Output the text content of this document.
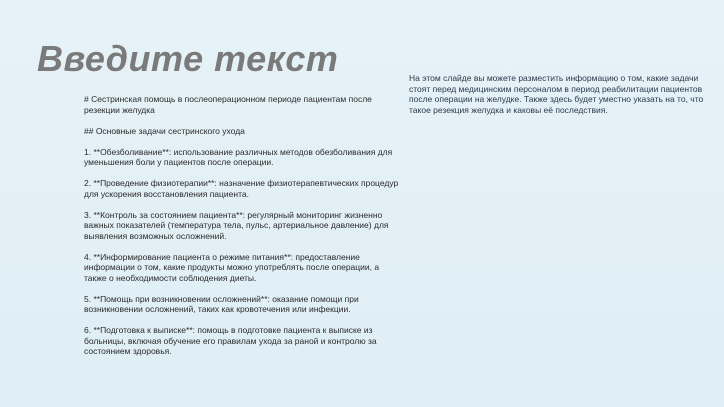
Введите текст	На этом слайде вы можете разместить информацию о том, какие задачи стоят перед медицинским персоналом в период реабилитации пациентов после операции на желудке. Также здесь будет уместно указать на то, что такое резекция желудка и каковы её последствия.

# Сестринская помощь в послеоперационном периоде пациентам после резекции желудка

## Основные задачи сестринского ухода

1. **Обезболивание**: использование различных методов обезболивания для уменьшения боли у пациентов после операции.

2. **Проведение физиотерапии**: назначение физиотерапевтических процедур для ускорения восстановления пациента.

3. **Контроль за состоянием пациента**: регулярный мониторинг жизненно важных показателей (температура тела, пульс, артериальное давление) для выявления возможных осложнений.

4. **Информирование пациента о режиме питания**: предоставление информации о том, какие продукты можно употреблять после операции, а также о необходимости соблюдения диеты.

5. **Помощь при возникновении осложнений**: оказание помощи при возникновении осложнений, таких как кровотечения или инфекции.

6. **Подготовка к выписке**: помощь в подготовке пациента к выписке из больницы, включая обучение его правилам ухода за раной и контролю за состоянием здоровья.
